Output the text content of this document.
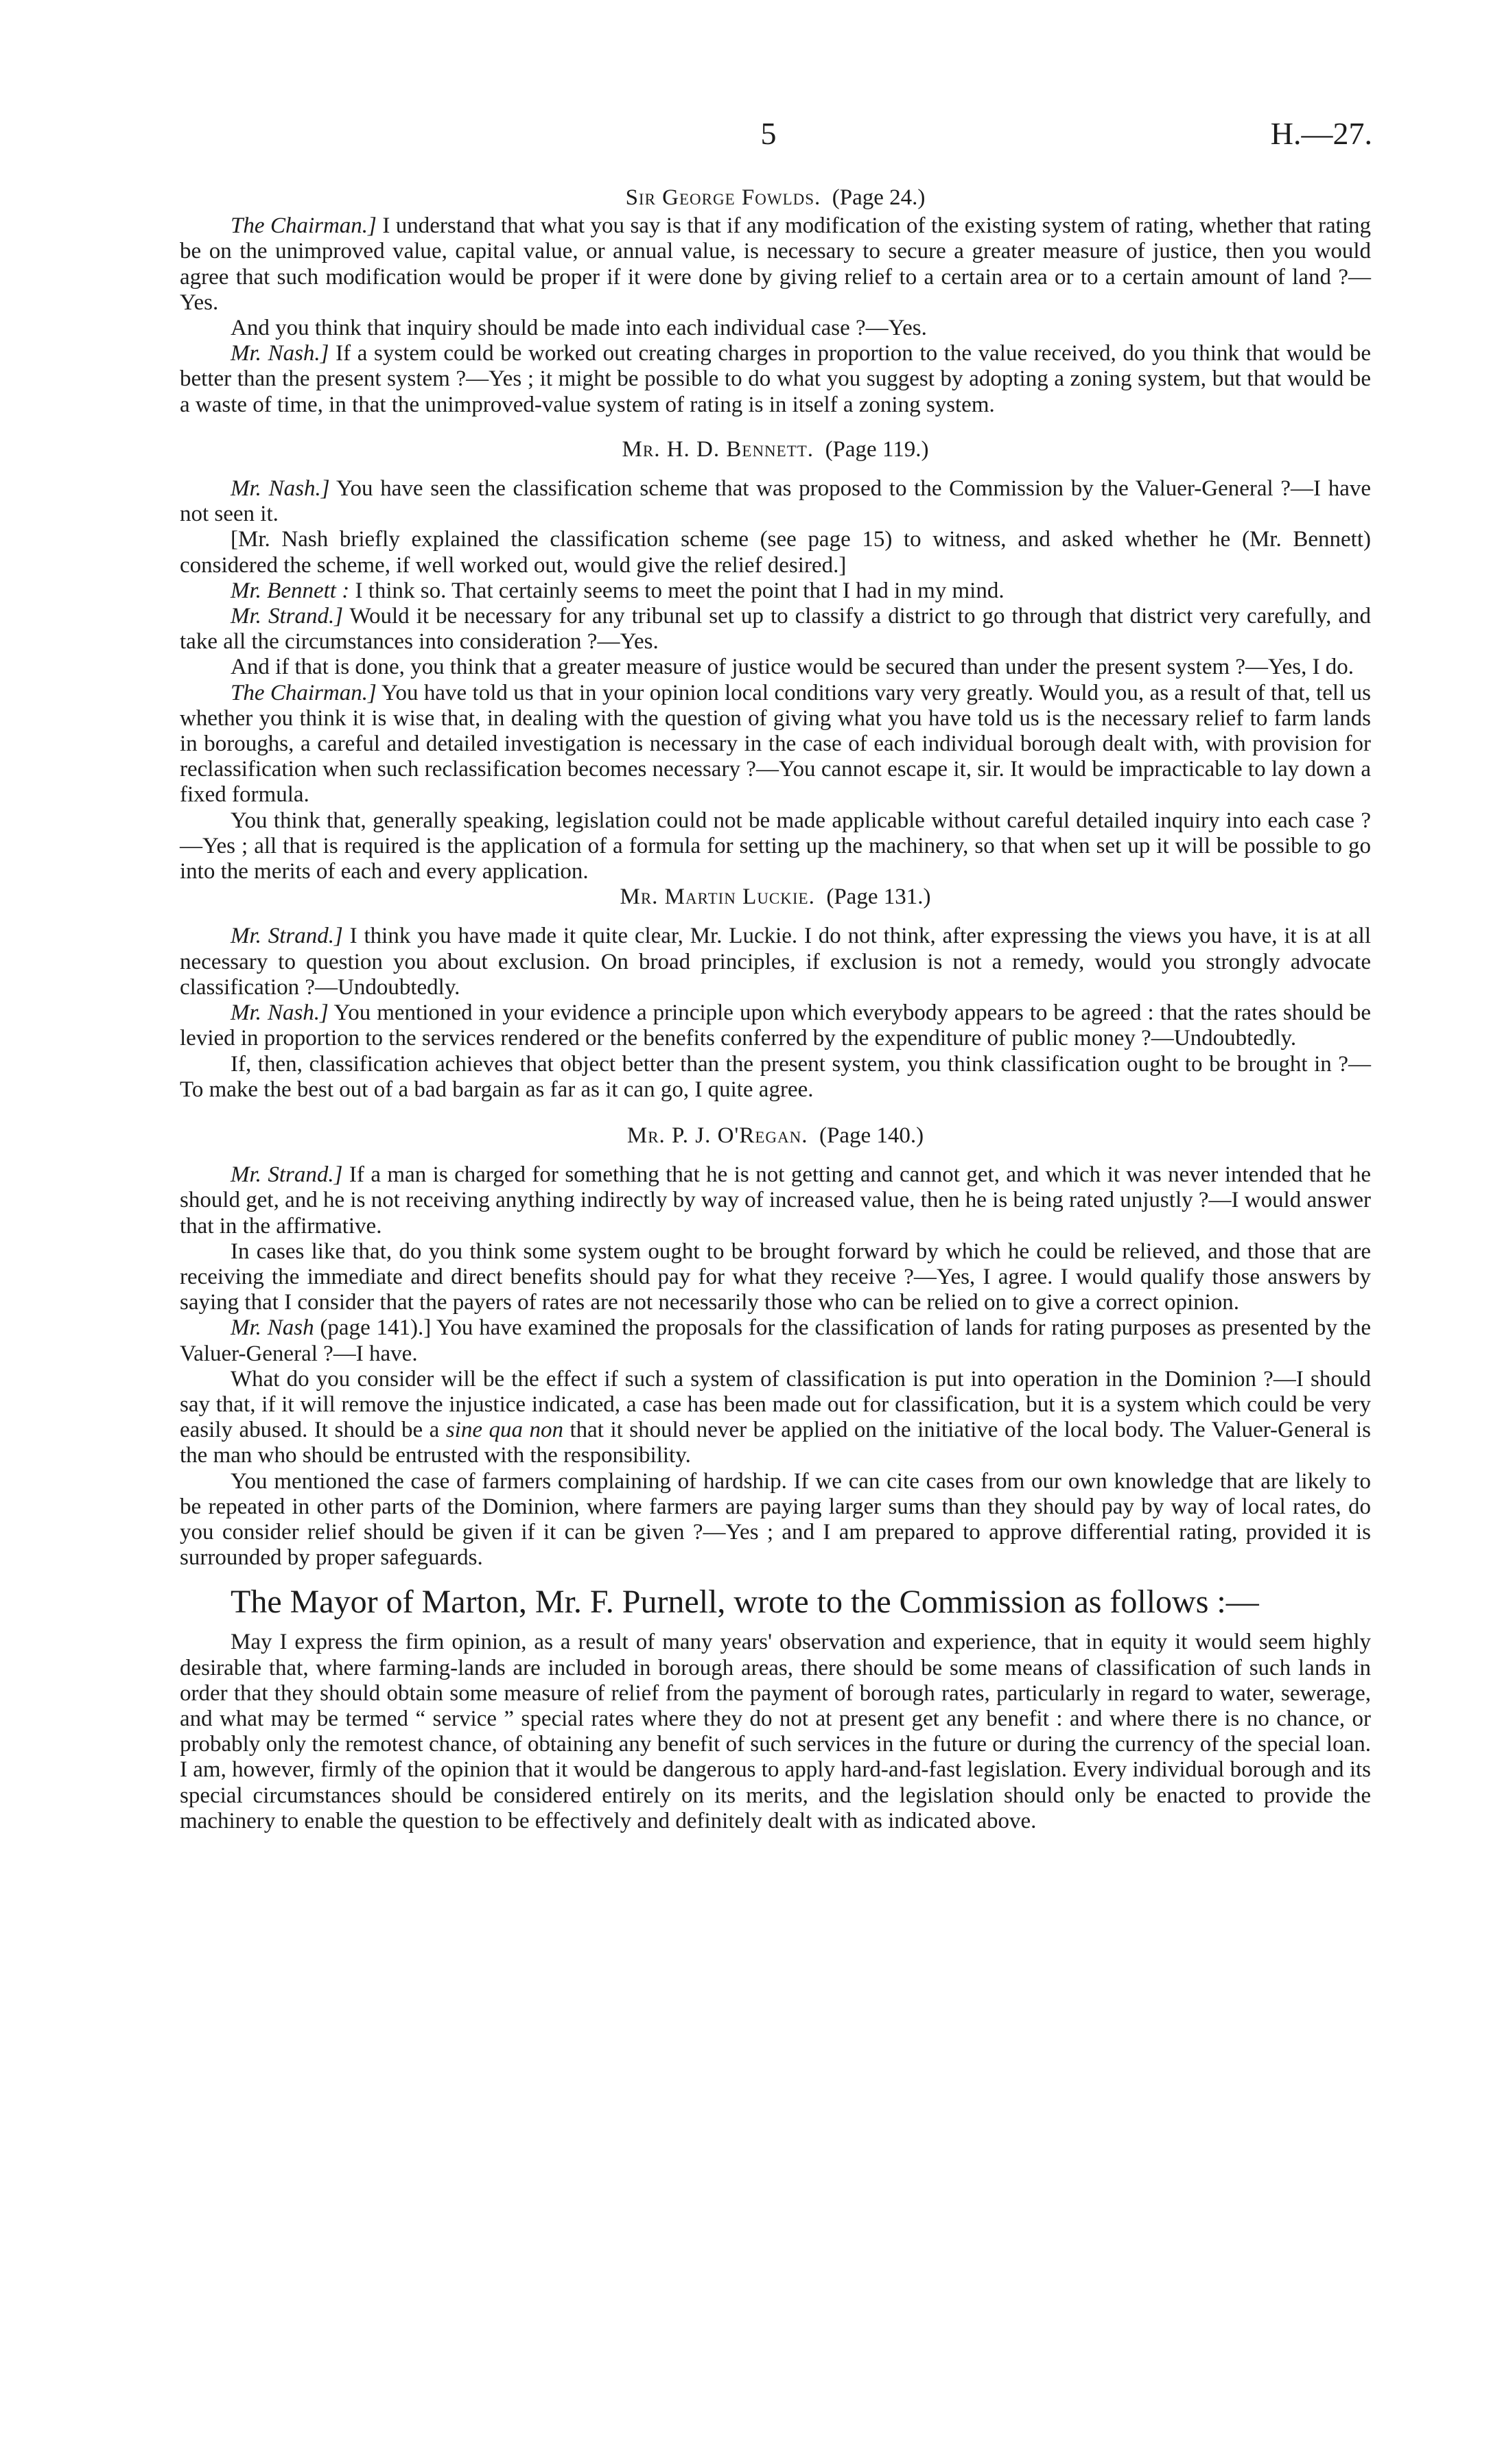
5	H.—27.
Sir George Fowlds. (Page 24.)

The Chairman.] I understand that what you say is that if any modification of the existing system of rating, whether that rating be on the unimproved value, capital value, or annual value, is necessary to secure a greater measure of justice, then you would agree that such modification would be proper if it were done by giving relief to a certain area or to a certain amount of land ?—Yes.

And you think that inquiry should be made into each individual case ?—Yes.

Mr. Nash.] If a system could be worked out creating charges in proportion to the value received, do you think that would be better than the present system ?—Yes ; it might be possible to do what you suggest by adopting a zoning system, but that would be a waste of time, in that the unimproved-value system of rating is in itself a zoning system.

Mr. H. D. Bennett. (Page 119.)

Mr. Nash.] You have seen the classification scheme that was proposed to the Commission by the Valuer-General ?—I have not seen it.

[Mr. Nash briefly explained the classification scheme (see page 15) to witness, and asked whether he (Mr. Bennett) considered the scheme, if well worked out, would give the relief desired.]

Mr. Bennett : I think so. That certainly seems to meet the point that I had in my mind.

Mr. Strand.] Would it be necessary for any tribunal set up to classify a district to go through that district very carefully, and take all the circumstances into consideration ?—Yes.

And if that is done, you think that a greater measure of justice would be secured than under the present system ?—Yes, I do.

The Chairman.] You have told us that in your opinion local conditions vary very greatly. Would you, as a result of that, tell us whether you think it is wise that, in dealing with the question of giving what you have told us is the necessary relief to farm lands in boroughs, a careful and detailed investigation is necessary in the case of each individual borough dealt with, with provision for reclassification when such reclassification becomes necessary ?—You cannot escape it, sir. It would be impracticable to lay down a fixed formula.

You think that, generally speaking, legislation could not be made applicable without careful detailed inquiry into each case ?—Yes ; all that is required is the application of a formula for setting up the machinery, so that when set up it will be possible to go into the merits of each and every application.

Mr. Martin Luckie. (Page 131.)

Mr. Strand.] I think you have made it quite clear, Mr. Luckie. I do not think, after expressing the views you have, it is at all necessary to question you about exclusion. On broad principles, if exclusion is not a remedy, would you strongly advocate classification ?—Undoubtedly.

Mr. Nash.] You mentioned in your evidence a principle upon which everybody appears to be agreed : that the rates should be levied in proportion to the services rendered or the benefits conferred by the expenditure of public money ?—Undoubtedly.

If, then, classification achieves that object better than the present system, you think classification ought to be brought in ?—To make the best out of a bad bargain as far as it can go, I quite agree.

Mr. P. J. O'Regan. (Page 140.)

Mr. Strand.] If a man is charged for something that he is not getting and cannot get, and which it was never intended that he should get, and he is not receiving anything indirectly by way of increased value, then he is being rated unjustly ?—I would answer that in the affirmative.

In cases like that, do you think some system ought to be brought forward by which he could be relieved, and those that are receiving the immediate and direct benefits should pay for what they receive ?—Yes, I agree. I would qualify those answers by saying that I consider that the payers of rates are not necessarily those who can be relied on to give a correct opinion.

Mr. Nash (page 141).] You have examined the proposals for the classification of lands for rating purposes as presented by the Valuer-General ?—I have.

What do you consider will be the effect if such a system of classification is put into operation in the Dominion ?—I should say that, if it will remove the injustice indicated, a case has been made out for classification, but it is a system which could be very easily abused. It should be a sine qua non that it should never be applied on the initiative of the local body. The Valuer-General is the man who should be entrusted with the responsibility.

You mentioned the case of farmers complaining of hardship. If we can cite cases from our own knowledge that are likely to be repeated in other parts of the Dominion, where farmers are paying larger sums than they should pay by way of local rates, do you consider relief should be given if it can be given ?—Yes ; and I am prepared to approve differential rating, provided it is surrounded by proper safeguards.

The Mayor of Marton, Mr. F. Purnell, wrote to the Commission as follows :—

May I express the firm opinion, as a result of many years' observation and experience, that in equity it would seem highly desirable that, where farming-lands are included in borough areas, there should be some means of classification of such lands in order that they should obtain some measure of relief from the payment of borough rates, particularly in regard to water, sewerage, and what may be termed “ service ” special rates where they do not at present get any benefit : and where there is no chance, or probably only the remotest chance, of obtaining any benefit of such services in the future or during the currency of the special loan. I am, however, firmly of the opinion that it would be dangerous to apply hard-and-fast legislation. Every individual borough and its special circumstances should be considered entirely on its merits, and the legislation should only be enacted to provide the machinery to enable the question to be effectively and definitely dealt with as indicated above.
